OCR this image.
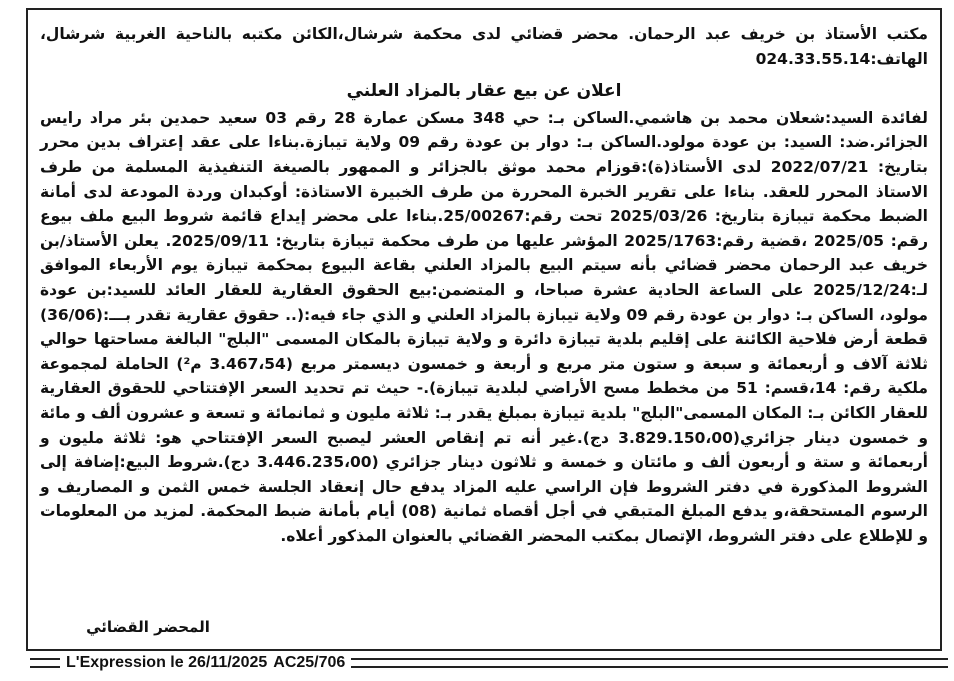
مكتب الأستاذ بن خريف عبد الرحمان. محضر قضائي لدى محكمة شرشال،الكائن مكتبه بالناحية الغربية شرشال، الهاتف:024.33.55.14

اعلان عن بيع عقار بالمزاد العلني

لفائدة السيد:شعلان محمد بن هاشمي.الساكن بـ: حي 348 مسكن عمارة 28 رقم 03 سعيد حمدين بئر مراد رايس الجزائر.ضد: السيد: بن عودة مولود.الساكن بـ: دوار بن عودة رقم 09 ولاية تيبازة.بناءا على عقد إعتراف بدين محرر بتاريخ: 2022/07/21 لدى الأستاذ(ة):قوزام محمد موثق بالجزائر و الممهور بالصيغة التنفيذية المسلمة من طرف الاستاذ المحرر للعقد. بناءا على تقرير الخبرة المحررة من طرف الخبيرة الاستاذة: أوكبدان وردة المودعة لدى أمانة الضبط محكمة تيبازة بتاريخ: 2025/03/26 تحت رقم:25/00267.بناءا على محضر إيداع قائمة شروط البيع ملف بيوع رقم: 2025/05 ،قضية رقم:2025/1763 المؤشر عليها من طرف محكمة تيبازة بتاريخ: 2025/09/11. يعلن الأستاذ/بن خريف عبد الرحمان محضر قضائي بأنه سيتم البيع بالمزاد العلني بقاعة البيوع بمحكمة تيبازة يوم الأربعاء الموافق لـ:2025/12/24 على الساعة الحادية عشرة صباحا، و المتضمن:بيع الحقوق العقارية للعقار العائد للسيد:بن عودة مولود، الساكن بـ: دوار بن عودة رقم 09 ولاية تيبازة بالمزاد العلني و الذي جاء فيه:(.. حقوق عقارية تقدر بـــ:(36/06) قطعة أرض فلاحية الكائنة على إقليم بلدية تيبازة دائرة و ولاية تيبازة بالمكان المسمى "البلج" البالغة مساحتها حوالي ثلاثة آلاف و أربعمائة و سبعة و ستون متر مربع و أربعة و خمسون ديسمتر مربع (3.467،54 م²) الحاملة لمجموعة ملكية رقم: 14،قسم: 51 من مخطط مسح الأراضي لبلدية تيبازة).- حيث تم تحديد السعر الإفتتاحي للحقوق العقارية للعقار الكائن بـ: المكان المسمى"البلج" بلدية تيبازة بمبلغ يقدر بـ: ثلاثة مليون و ثمانمائة و تسعة و عشرون ألف و مائة و خمسون دينار جزائري(3.829.150،00 دج).غير أنه تم إنقاص العشر ليصبح السعر الإفتتاحي هو: ثلاثة مليون و أربعمائة و ستة و أربعون ألف و مائتان و خمسة و ثلاثون دينار جزائري (3.446.235،00 دج).شروط البيع:إضافة إلى الشروط المذكورة في دفتر الشروط فإن الراسي عليه المزاد يدفع حال إنعقاد الجلسة خمس الثمن و المصاريف و الرسوم المستحقة،و يدفع المبلغ المتبقي في أجل أقصاه ثمانية (08) أيام بأمانة ضبط المحكمة. لمزيد من المعلومات و للإطلاع على دفتر الشروط، الإتصال بمكتب المحضر القضائي بالعنوان المذكور أعلاه.

المحضر القضائي
L'Expression le 26/11/2025 AC25/706
